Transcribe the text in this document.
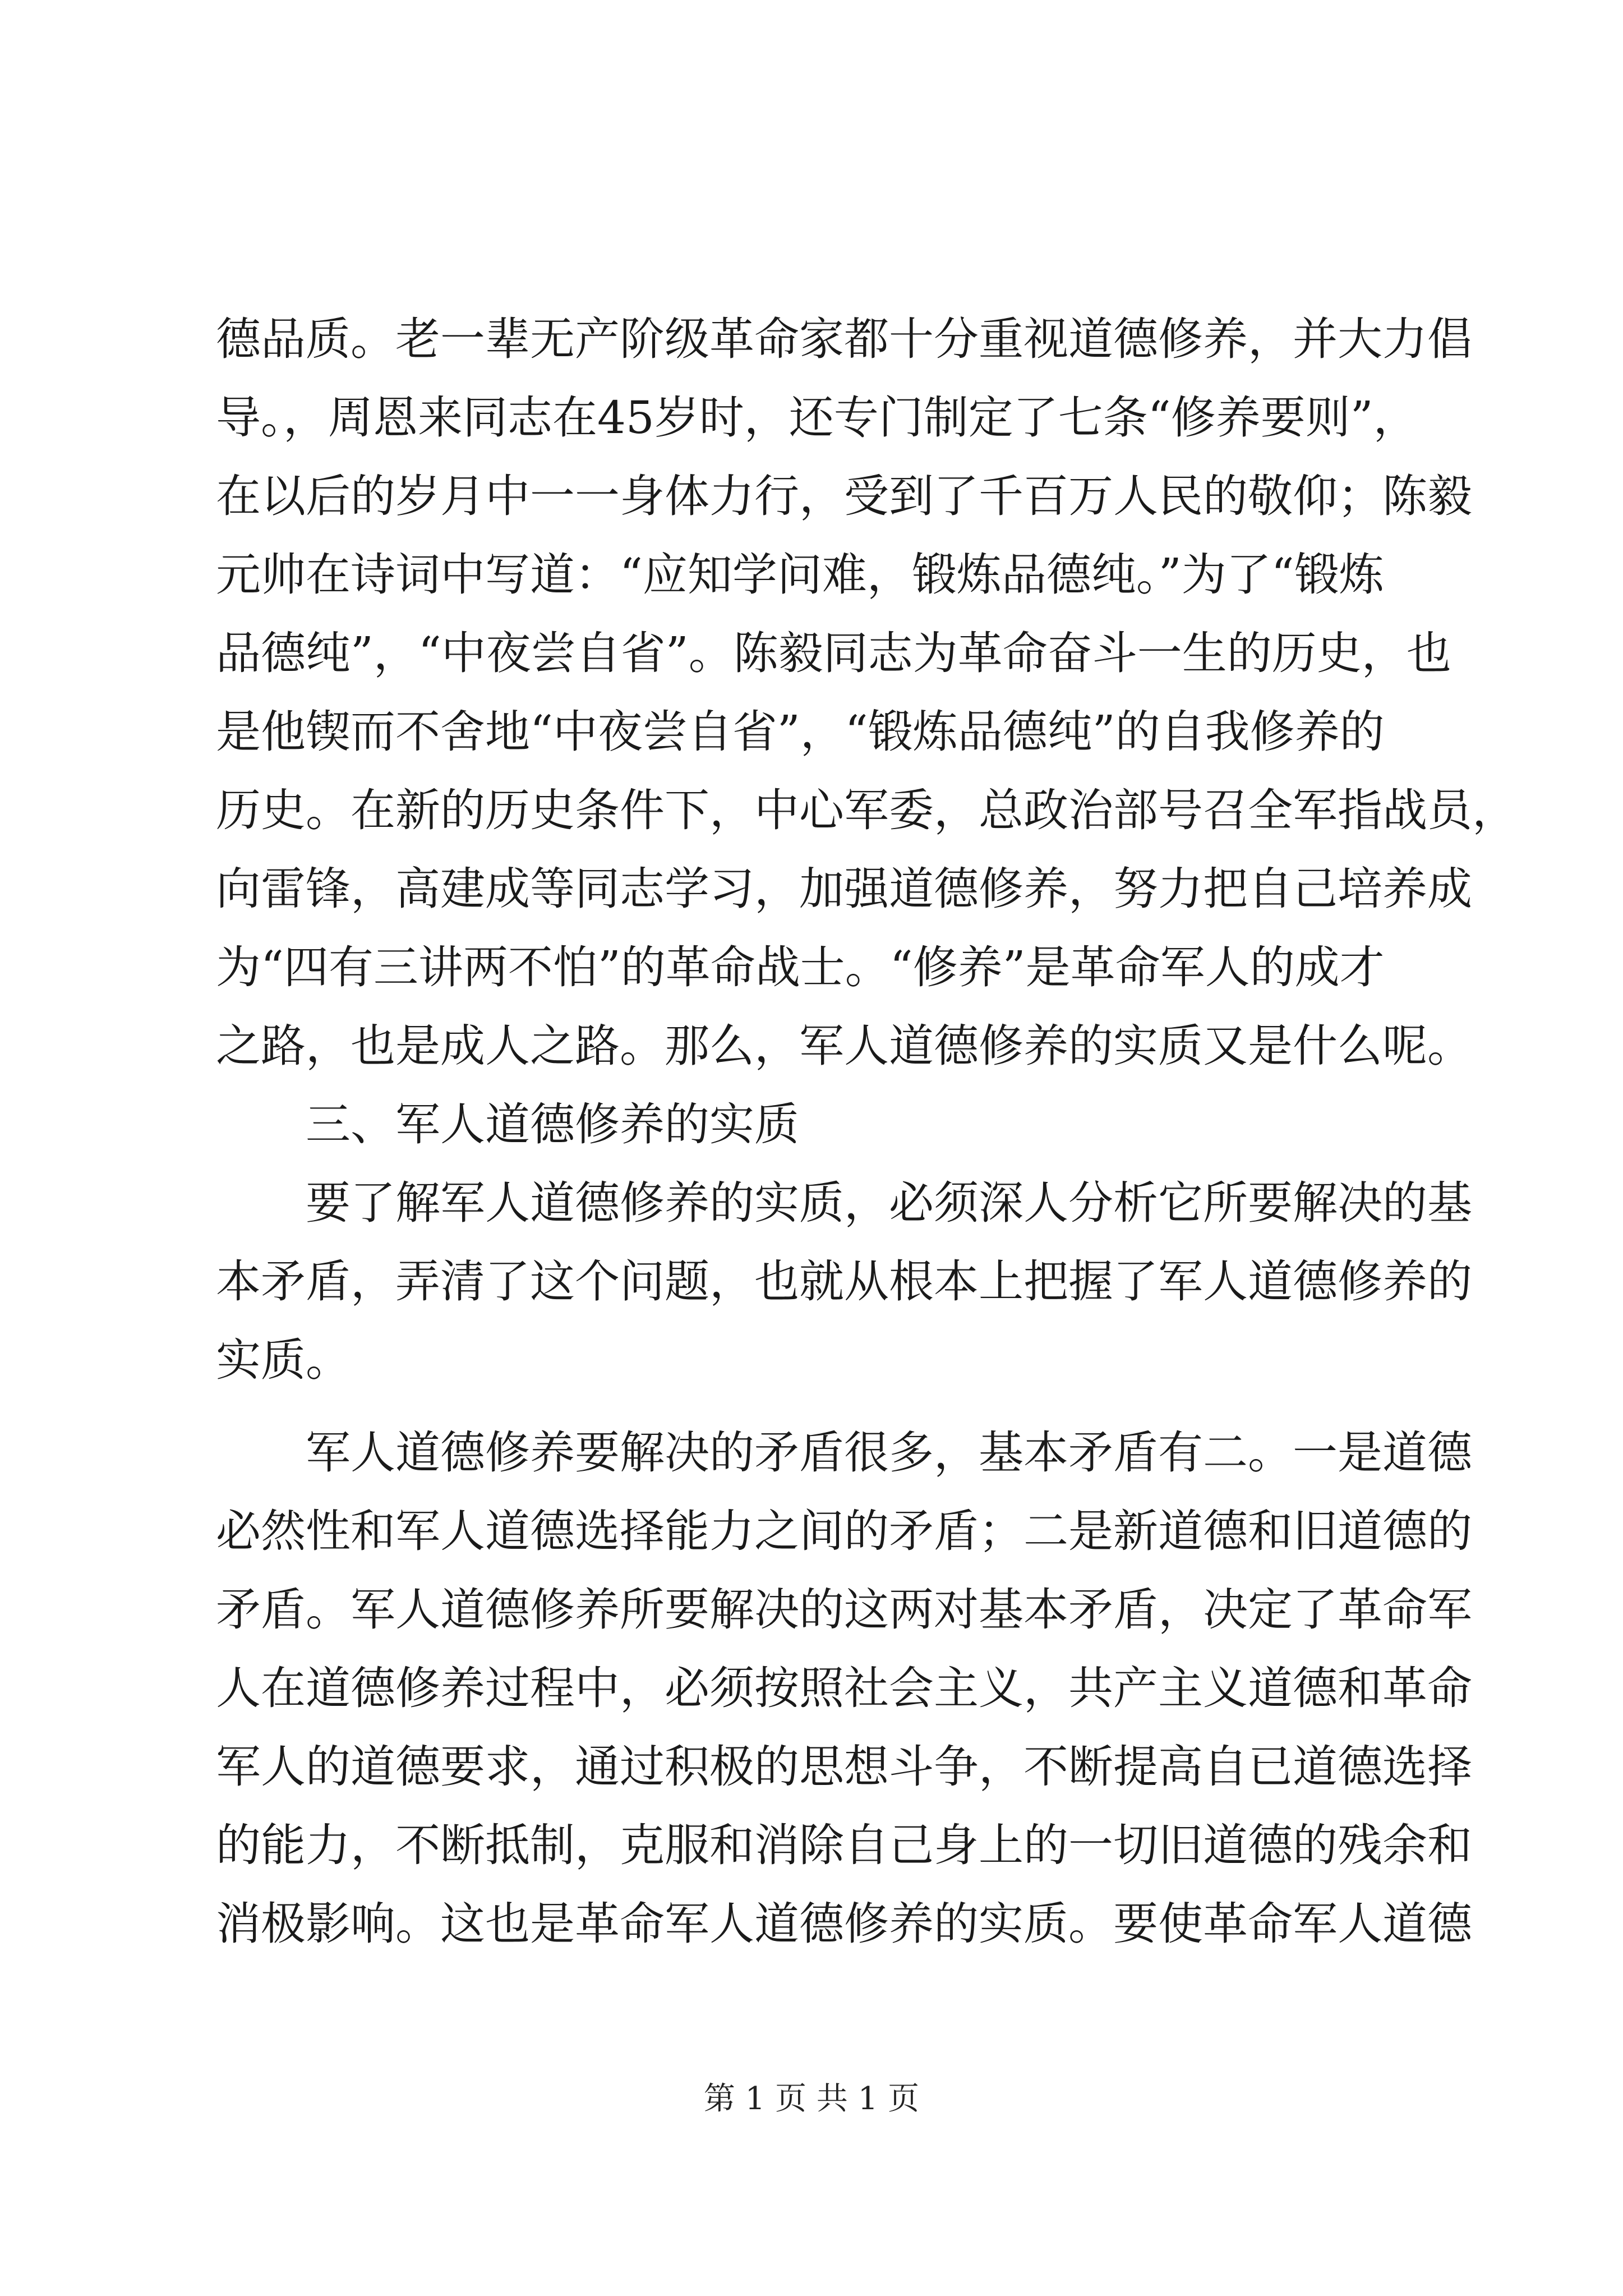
德品质。老一辈无产阶级革命家都十分重视道德修养，并大力倡
导。，周恩来同志在45岁时，还专门制定了七条“修养要则”，
在以后的岁月中一一身体力行，受到了千百万人民的敬仰；陈毅
元帅在诗词中写道：“应知学问难，锻炼品德纯。”为了“锻炼
品德纯”，“中夜尝自省”。陈毅同志为革命奋斗一生的历史，也
是他锲而不舍地“中夜尝自省”，“锻炼品德纯”的自我修养的
历史。在新的历史条件下，中心军委，总政治部号召全军指战员，
向雷锋，高建成等同志学习，加强道德修养，努力把自己培养成
为“四有三讲两不怕”的革命战士。“修养”是革命军人的成才
之路，也是成人之路。那么，军人道德修养的实质又是什么呢。
三、军人道德修养的实质
要了解军人道德修养的实质，必须深人分析它所要解决的基
本矛盾，弄清了这个问题，也就从根本上把握了军人道德修养的
实质。
军人道德修养要解决的矛盾很多，基本矛盾有二。一是道德
必然性和军人道德选择能力之间的矛盾；二是新道德和旧道德的
矛盾。军人道德修养所要解决的这两对基本矛盾，决定了革命军
人在道德修养过程中，必须按照社会主义，共产主义道德和革命
军人的道德要求，通过积极的思想斗争，不断提高自已道德选择
的能力，不断抵制，克服和消除自己身上的一切旧道德的残余和
消极影响。这也是革命军人道德修养的实质。要使革命军人道德
第 1 页 共 1 页
